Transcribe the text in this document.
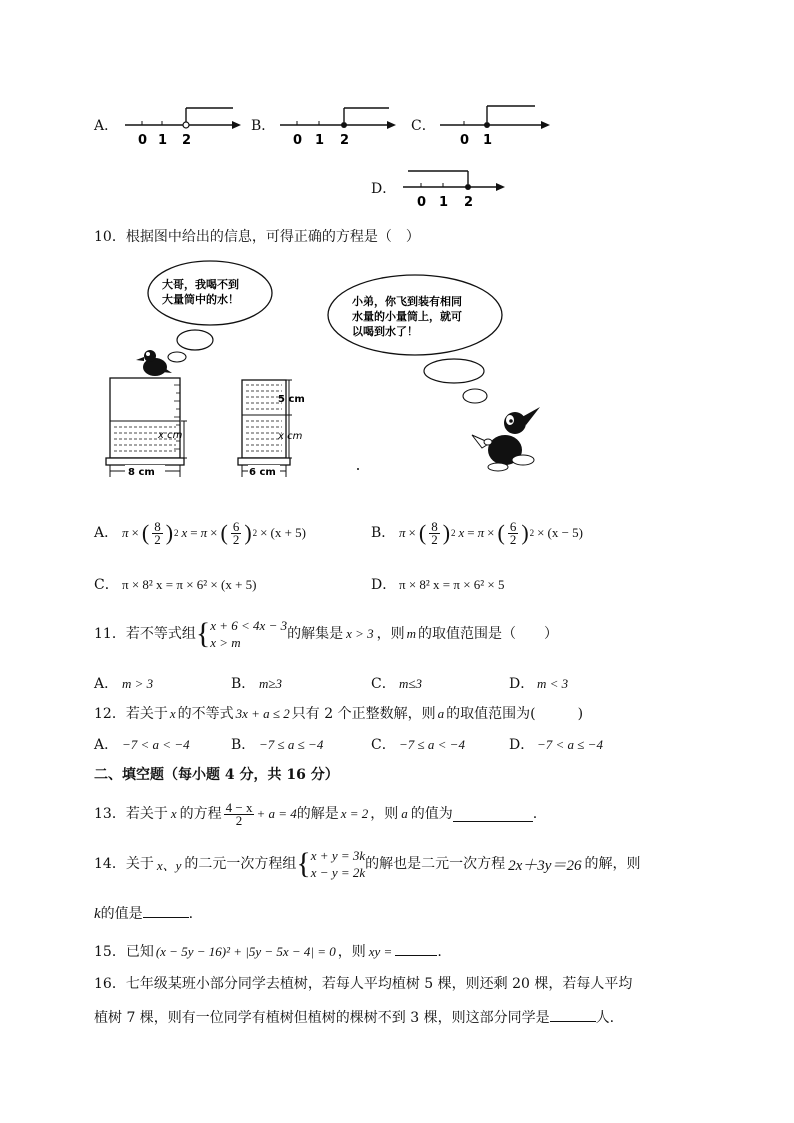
A．
0 1 2
B．
0 1 2
C．
0 1
D．
0 1 2
10．根据图中给出的信息，可得正确的方程是（　）
大哥，我喝不到
大量筒中的水！	小弟，你飞到装有相同
水量的小量筒上，就可
以喝到水了！
x cm
8 cm
5 cm
x cm
6 cm
A． π × ( $\frac{8}{2}$ ) 2 x = π × ( $\frac{6}{2}$ ) 2 × (x + 5)	B． π × ( $\frac{8}{2}$ ) 2 x = π × ( $\frac{6}{2}$ ) 2 × (x − 5)
C． π × 8² x = π × 6² × (x + 5)	D． π × 8² x = π × 6² × 5
11．若不等式组 { x + 6 < 4x − 3
x > m
的解集是 x > 3 ，则 m 的取值范围是（　　）
A． m > 3	B． m≥3	C． m≤3	D． m < 3
12．若关于 x 的不等式 3x + a ≤ 2 只有 2 个正整数解，则 a 的取值范围为(　　　)
A． −7 < a < −4	B． −7 ≤ a ≤ −4	C． −7 ≤ a < −4	D． −7 < a ≤ −4
二、填空题（每小题 4 分，共 16 分）
13．若关于 x 的方程 $\frac{4 - x}{2} + a = 4$ 的解是 x = 2 ，则 a 的值为	.
14．关于 x、y 的二元一次方程组 { x + y = 3k
x − y = 2k
的解也是二元一次方程 2x＋3y＝26 的解，则
k的值是	.
15．已知 (x − 5y − 16)² + |5y − 5x − 4| = 0 ，则 xy =	.
16．七年级某班小部分同学去植树，若每人平均植树 5 棵，则还剩 20 棵，若每人平均
植树 7 棵，则有一位同学有植树但植树的棵树不到 3 棵，则这部分同学是	人.
